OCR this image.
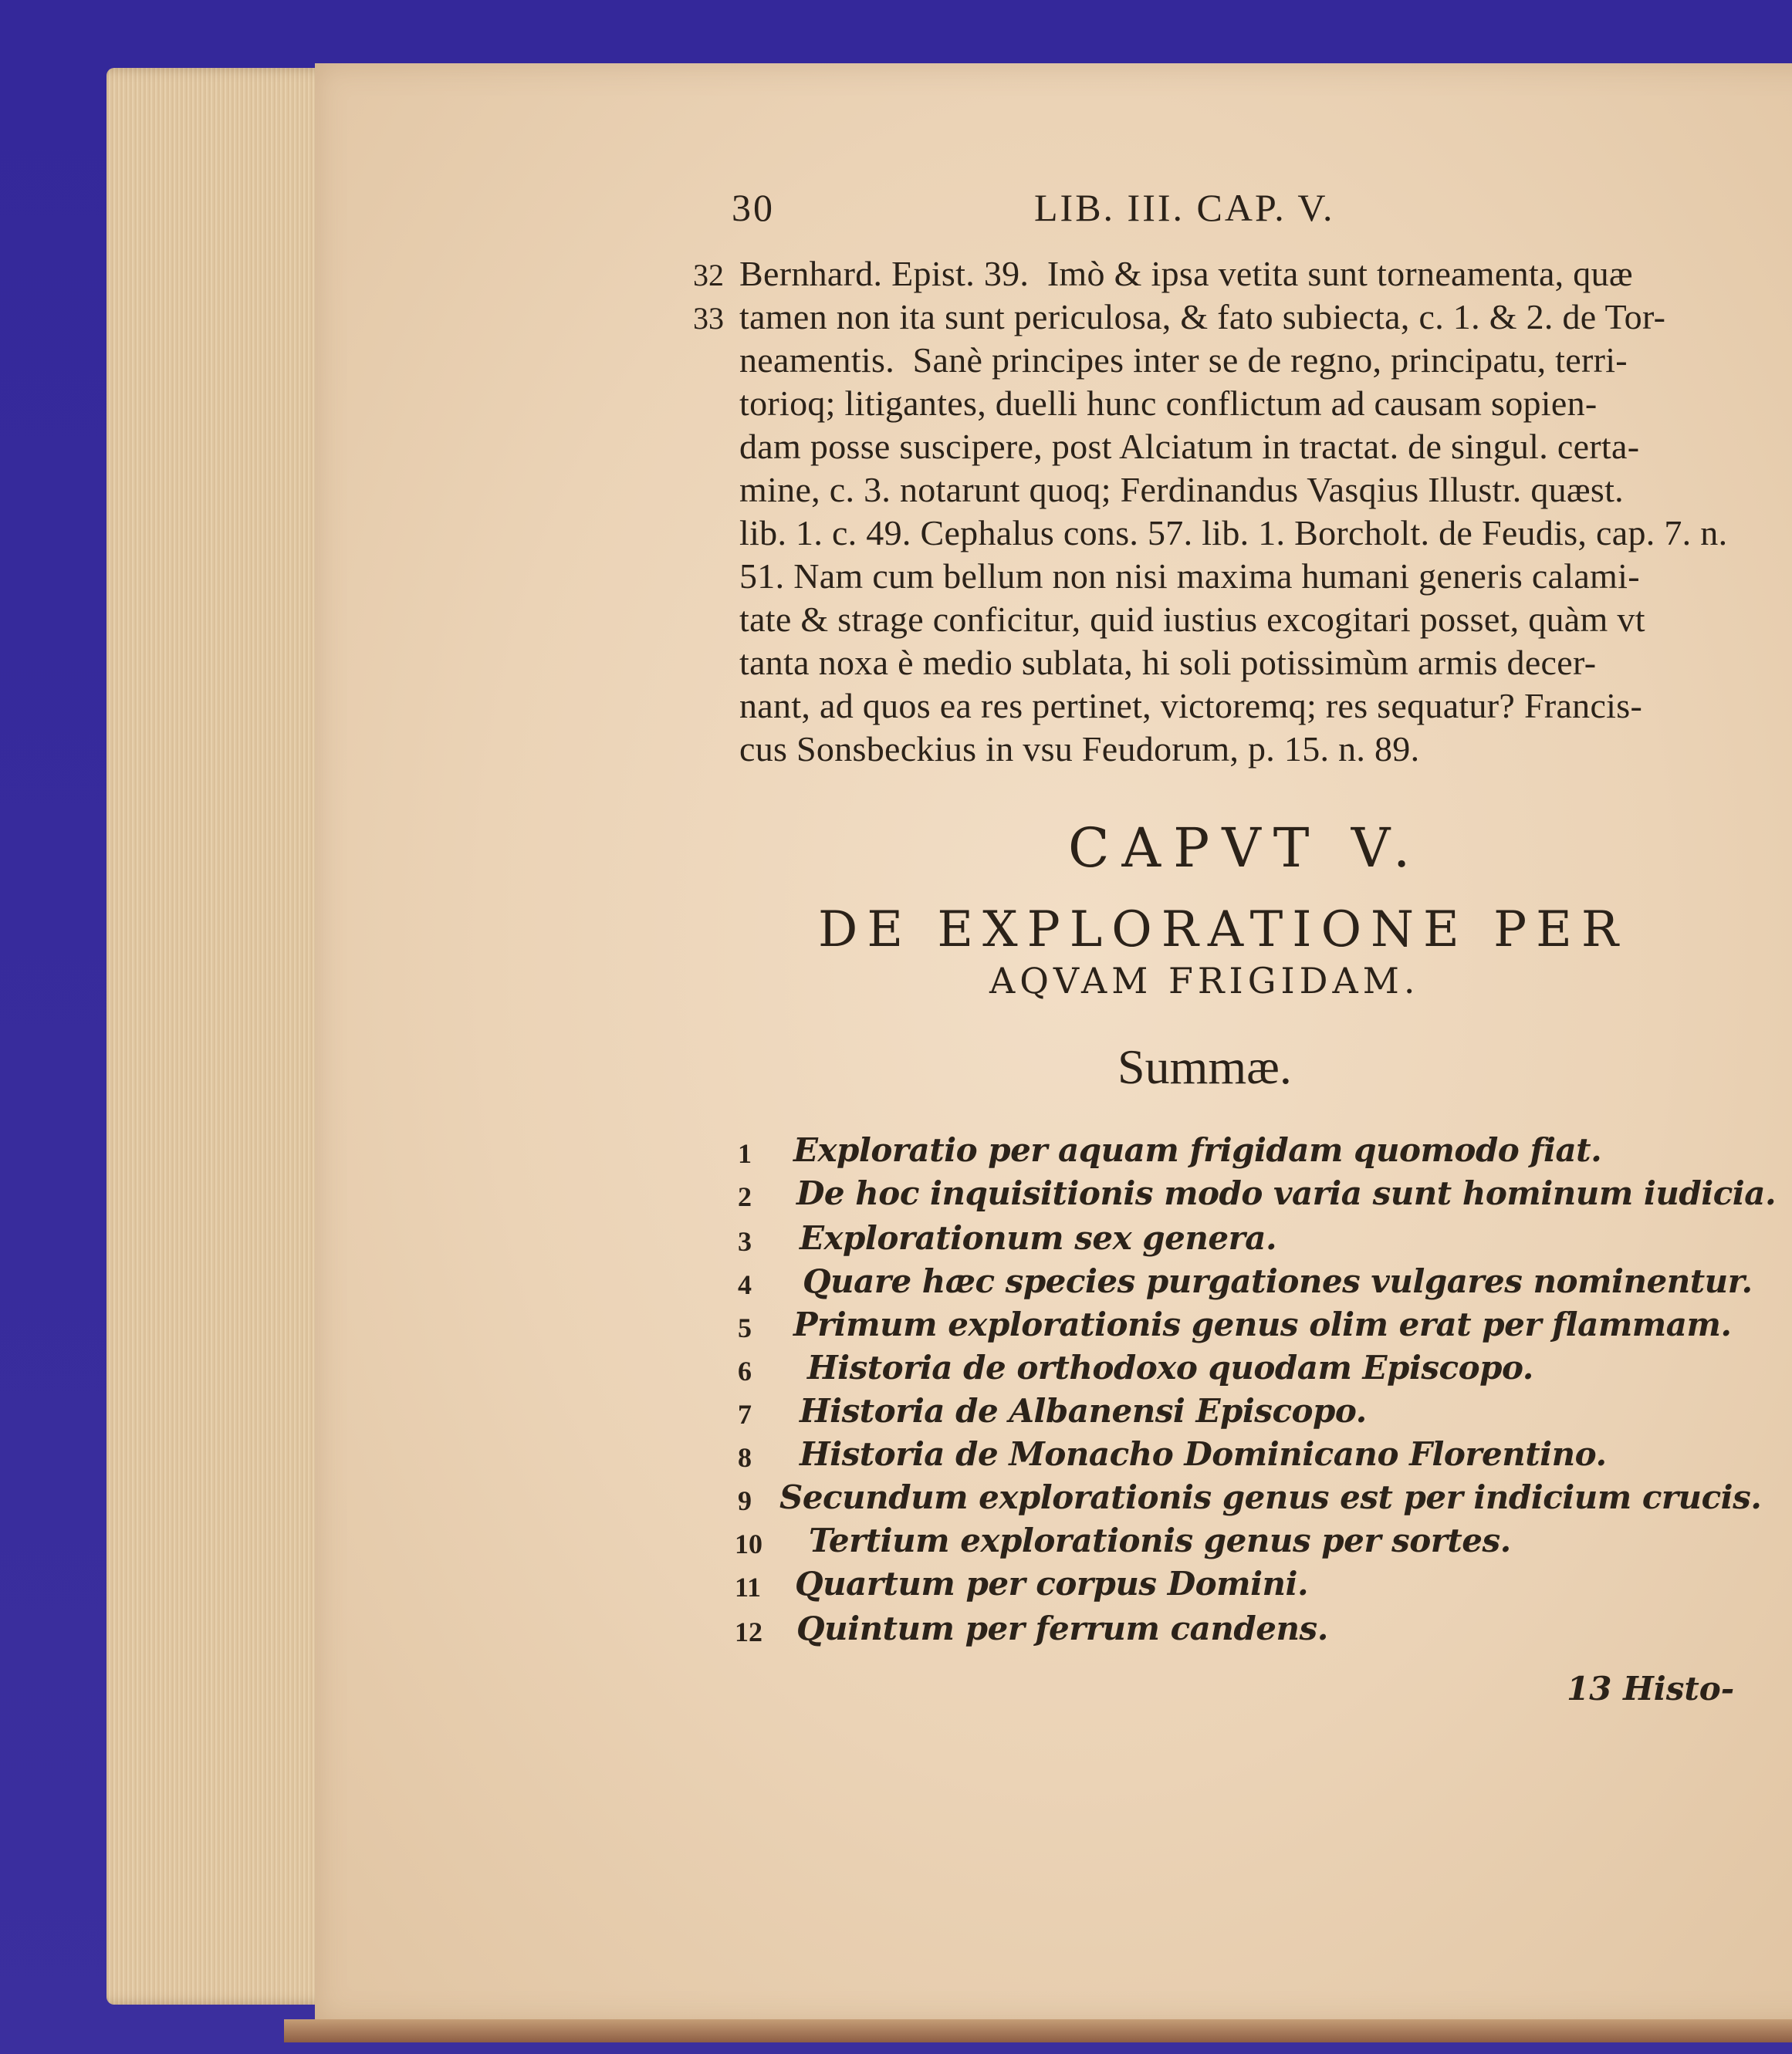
30	LIB. III. CAP. V.
32
33
Bernhard. Epist. 39.  Imò & ipsa vetita sunt torneamenta, quæ
tamen non ita sunt periculosa, & fato subiecta, c. 1. & 2. de Tor-
neamentis.  Sanè principes inter se de regno, principatu, terri-
torioq; litigantes, duelli hunc conflictum ad causam sopien-
dam posse suscipere, post Alciatum in tractat. de singul. certa-
mine, c. 3. notarunt quoq; Ferdinandus Vasqius Illustr. quæst.
lib. 1. c. 49. Cephalus cons. 57. lib. 1. Borcholt. de Feudis, cap. 7. n.
51. Nam cum bellum non nisi maxima humani generis calami-
tate & strage conficitur, quid iustius excogitari posset, quàm vt
tanta noxa è medio sublata, hi soli potissimùm armis decer-
nant, ad quos ea res pertinet, victoremq; res sequatur? Francis-
cus Sonsbeckius in vsu Feudorum, p. 15. n. 89.
CAPVT V.
DE EXPLORATIONE PER
AQVAM FRIGIDAM.
Summæ.
1 Exploratio per aquam frigidam quomodo fiat.
2 De hoc inquisitionis modo varia sunt hominum iudicia.
3 Explorationum sex genera.
4 Quare hæc species purgationes vulgares nominentur.
5 Primum explorationis genus olim erat per flammam.
6 Historia de orthodoxo quodam Episcopo.
7 Historia de Albanensi Episcopo.
8 Historia de Monacho Dominicano Florentino.
9 Secundum explorationis genus est per indicium crucis.
10 Tertium explorationis genus per sortes.
11 Quartum per corpus Domini.
12 Quintum per ferrum candens.
13 Histo-
